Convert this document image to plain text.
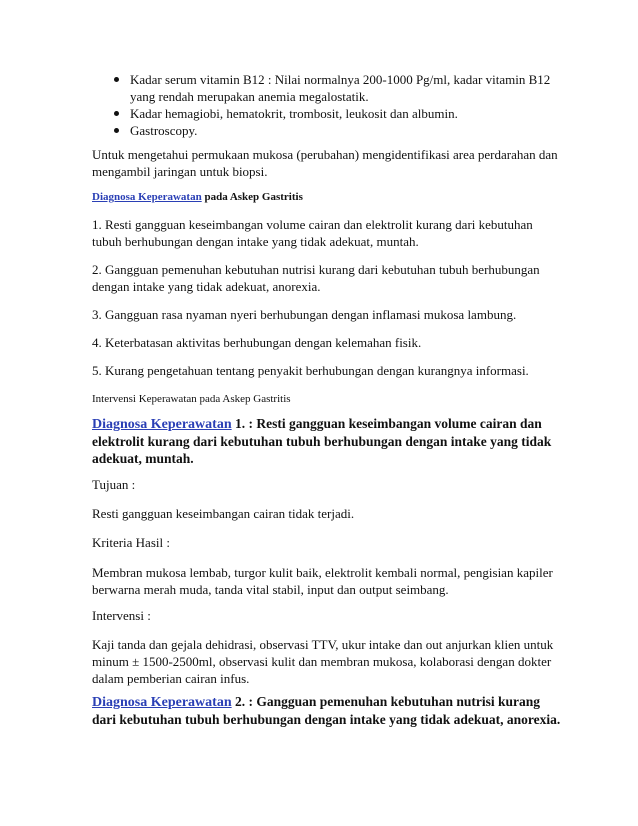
Kadar serum vitamin B12 : Nilai normalnya 200-1000 Pg/ml, kadar vitamin B12 yang rendah merupakan anemia megalostatik.
Kadar hemagiobi, hematokrit, trombosit, leukosit dan albumin.
Gastroscopy.

Untuk mengetahui permukaan mukosa (perubahan) mengidentifikasi area perdarahan dan mengambil jaringan untuk biopsi.

Diagnosa Keperawatan pada Askep Gastritis

1. Resti gangguan keseimbangan volume cairan dan elektrolit kurang dari kebutuhan tubuh berhubungan dengan intake yang tidak adekuat, muntah.

2. Gangguan pemenuhan kebutuhan nutrisi kurang dari kebutuhan tubuh berhubungan dengan intake yang tidak adekuat, anorexia.

3. Gangguan rasa nyaman nyeri berhubungan dengan inflamasi mukosa lambung.

4. Keterbatasan aktivitas berhubungan dengan kelemahan fisik.

5. Kurang pengetahuan tentang penyakit berhubungan dengan kurangnya informasi.

Intervensi Keperawatan pada Askep Gastritis

Diagnosa Keperawatan 1. : Resti gangguan keseimbangan volume cairan dan elektrolit kurang dari kebutuhan tubuh berhubungan dengan intake yang tidak adekuat, muntah.

Tujuan :

Resti gangguan keseimbangan cairan tidak terjadi.

Kriteria Hasil :

Membran mukosa lembab, turgor kulit baik, elektrolit kembali normal, pengisian kapiler berwarna merah muda, tanda vital stabil, input dan output seimbang.

Intervensi :

Kaji tanda dan gejala dehidrasi, observasi TTV, ukur intake dan out anjurkan klien untuk minum ± 1500-2500ml, observasi kulit dan membran mukosa, kolaborasi dengan dokter dalam pemberian cairan infus.

Diagnosa Keperawatan 2. : Gangguan pemenuhan kebutuhan nutrisi kurang dari kebutuhan tubuh berhubungan dengan intake yang tidak adekuat, anorexia.
